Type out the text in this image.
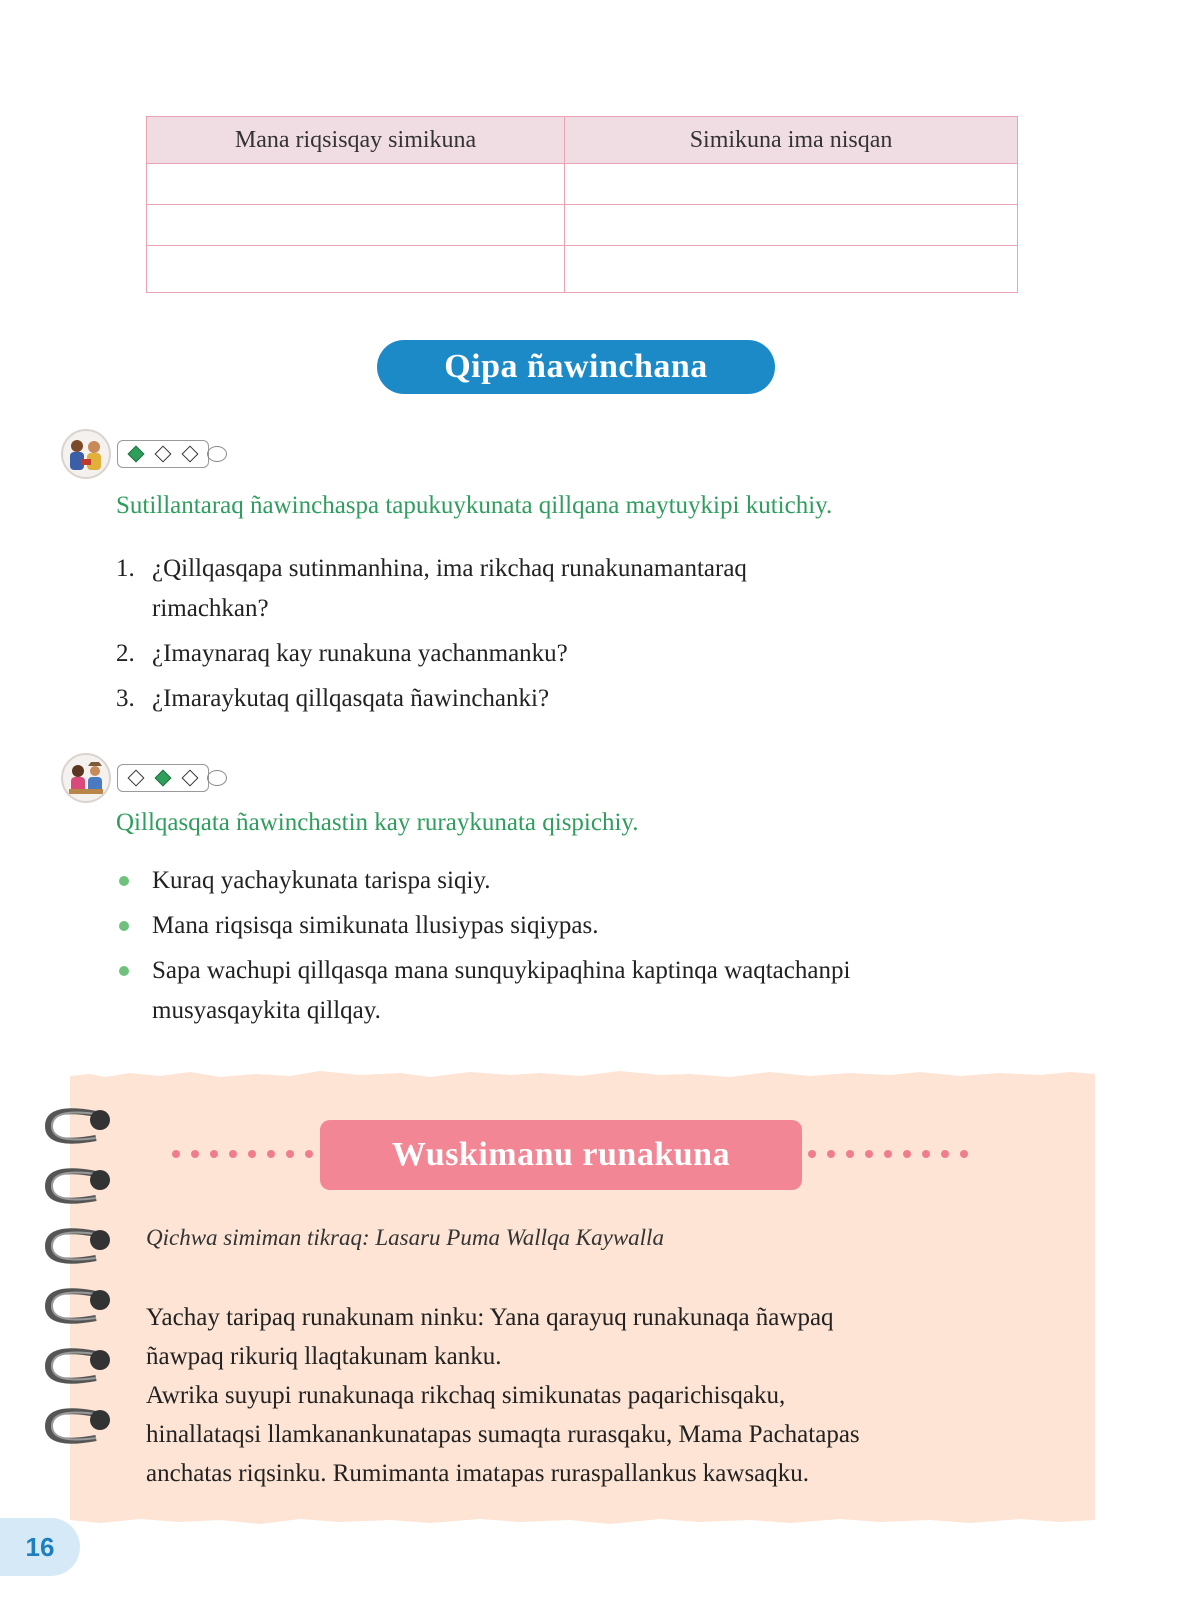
Mana riqsisqay simikuna	Simikuna ima nisqan

Qipa ñawinchana
Sutillantaraq ñawinchaspa tapukuykunata qillqana maytuykipi kutichiy.
1. ¿Qillqasqapa sutinmanhina, ima rikchaq runakunamantaraq
rimachkan?
2. ¿Imaynaraq kay runakuna yachanmanku?
3. ¿Imaraykutaq qillqasqata ñawinchanki?
Qillqasqata ñawinchastin kay ruraykunata qispichiy.
Kuraq yachaykunata tarispa siqiy.
Mana riqsisqa simikunata llusiypas siqiypas.
Sapa wachupi qillqasqa mana sunquykipaqhina kaptinqa waqtachanpi
musyasqaykita qillqay.
Wuskimanu runakuna
Qichwa simiman tikraq: Lasaru Puma Wallqa Kaywalla
Yachay taripaq runakunam ninku: Yana qarayuq runakunaqa ñawpaq
ñawpaq rikuriq llaqtakunam kanku.
Awrika suyupi runakunaqa rikchaq simikunatas paqarichisqaku,
hinallataqsi llamkanankunatapas sumaqta rurasqaku, Mama Pachatapas
anchatas riqsinku. Rumimanta imatapas ruraspallankus kawsaqku.
16
